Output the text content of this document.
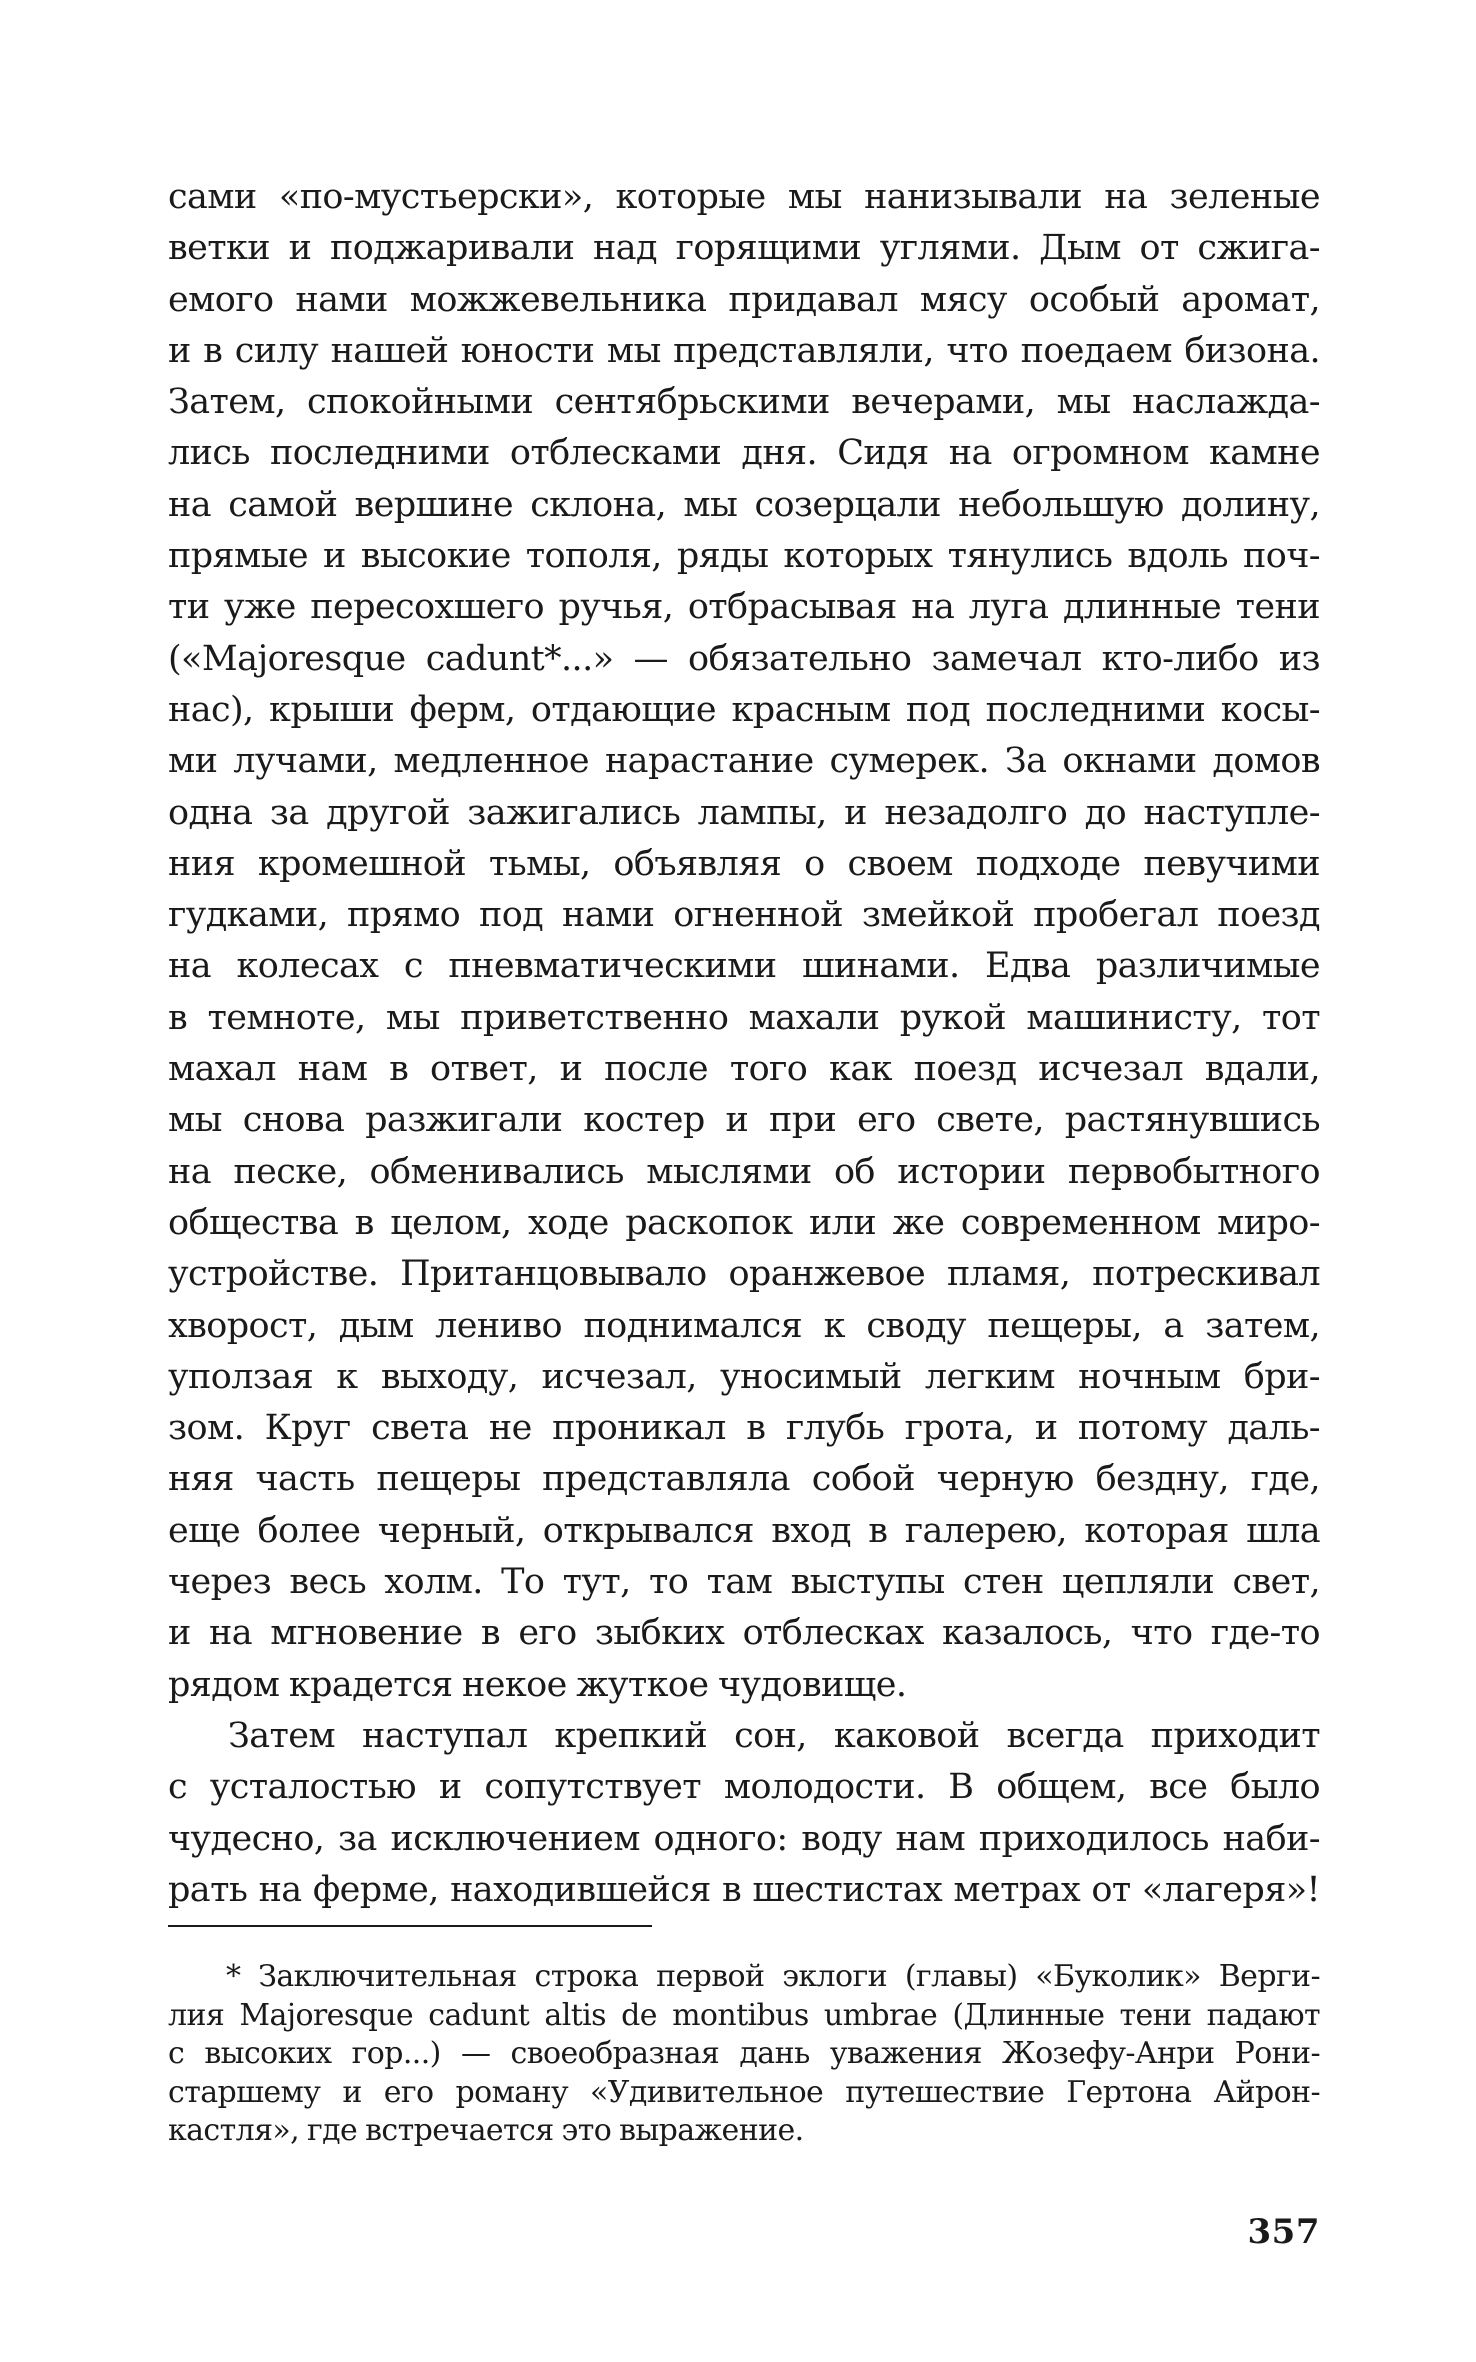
сами «по-мустьерски», которые мы нанизывали на зеленые
ветки и поджаривали над горящими углями. Дым от сжига-
емого нами можжевельника придавал мясу особый аромат,
и в силу нашей юности мы представляли, что поедаем бизона.
Затем, спокойными сентябрьскими вечерами, мы наслажда-
лись последними отблесками дня. Сидя на огромном камне
на самой вершине склона, мы созерцали небольшую долину,
прямые и высокие тополя, ряды которых тянулись вдоль поч-
ти уже пересохшего ручья, отбрасывая на луга длинные тени
(«Majoresque cadunt*...» — обязательно замечал кто-либо из
нас), крыши ферм, отдающие красным под последними косы-
ми лучами, медленное нарастание сумерек. За окнами домов
одна за другой зажигались лампы, и незадолго до наступле-
ния кромешной тьмы, объявляя о своем подходе певучими
гудками, прямо под нами огненной змейкой пробегал поезд
на колесах с пневматическими шинами. Едва различимые
в темноте, мы приветственно махали рукой машинисту, тот
махал нам в ответ, и после того как поезд исчезал вдали,
мы снова разжигали костер и при его свете, растянувшись
на песке, обменивались мыслями об истории первобытного
общества в целом, ходе раскопок или же современном миро-
устройстве. Пританцовывало оранжевое пламя, потрескивал
хворост, дым лениво поднимался к своду пещеры, а затем,
уползая к выходу, исчезал, уносимый легким ночным бри-
зом. Круг света не проникал в глубь грота, и потому даль-
няя часть пещеры представляла собой черную бездну, где,
еще более черный, открывался вход в галерею, которая шла
через весь холм. То тут, то там выступы стен цепляли свет,
и на мгновение в его зыбких отблесках казалось, что где-то
рядом крадется некое жуткое чудовище.
Затем наступал крепкий сон, каковой всегда приходит
с усталостью и сопутствует молодости. В общем, все было
чудесно, за исключением одного: воду нам приходилось наби-
рать на ферме, находившейся в шестистах метрах от «лагеря»!
* Заключительная строка первой эклоги (главы) «Буколик» Верги-
лия Majoresque cadunt altis de montibus umbrae (Длинные тени падают
с высоких гор...) — своеобразная дань уважения Жозефу-Анри Рони-
старшему и его роману «Удивительное путешествие Гертона Айрон-
кастля», где встречается это выражение.
357
